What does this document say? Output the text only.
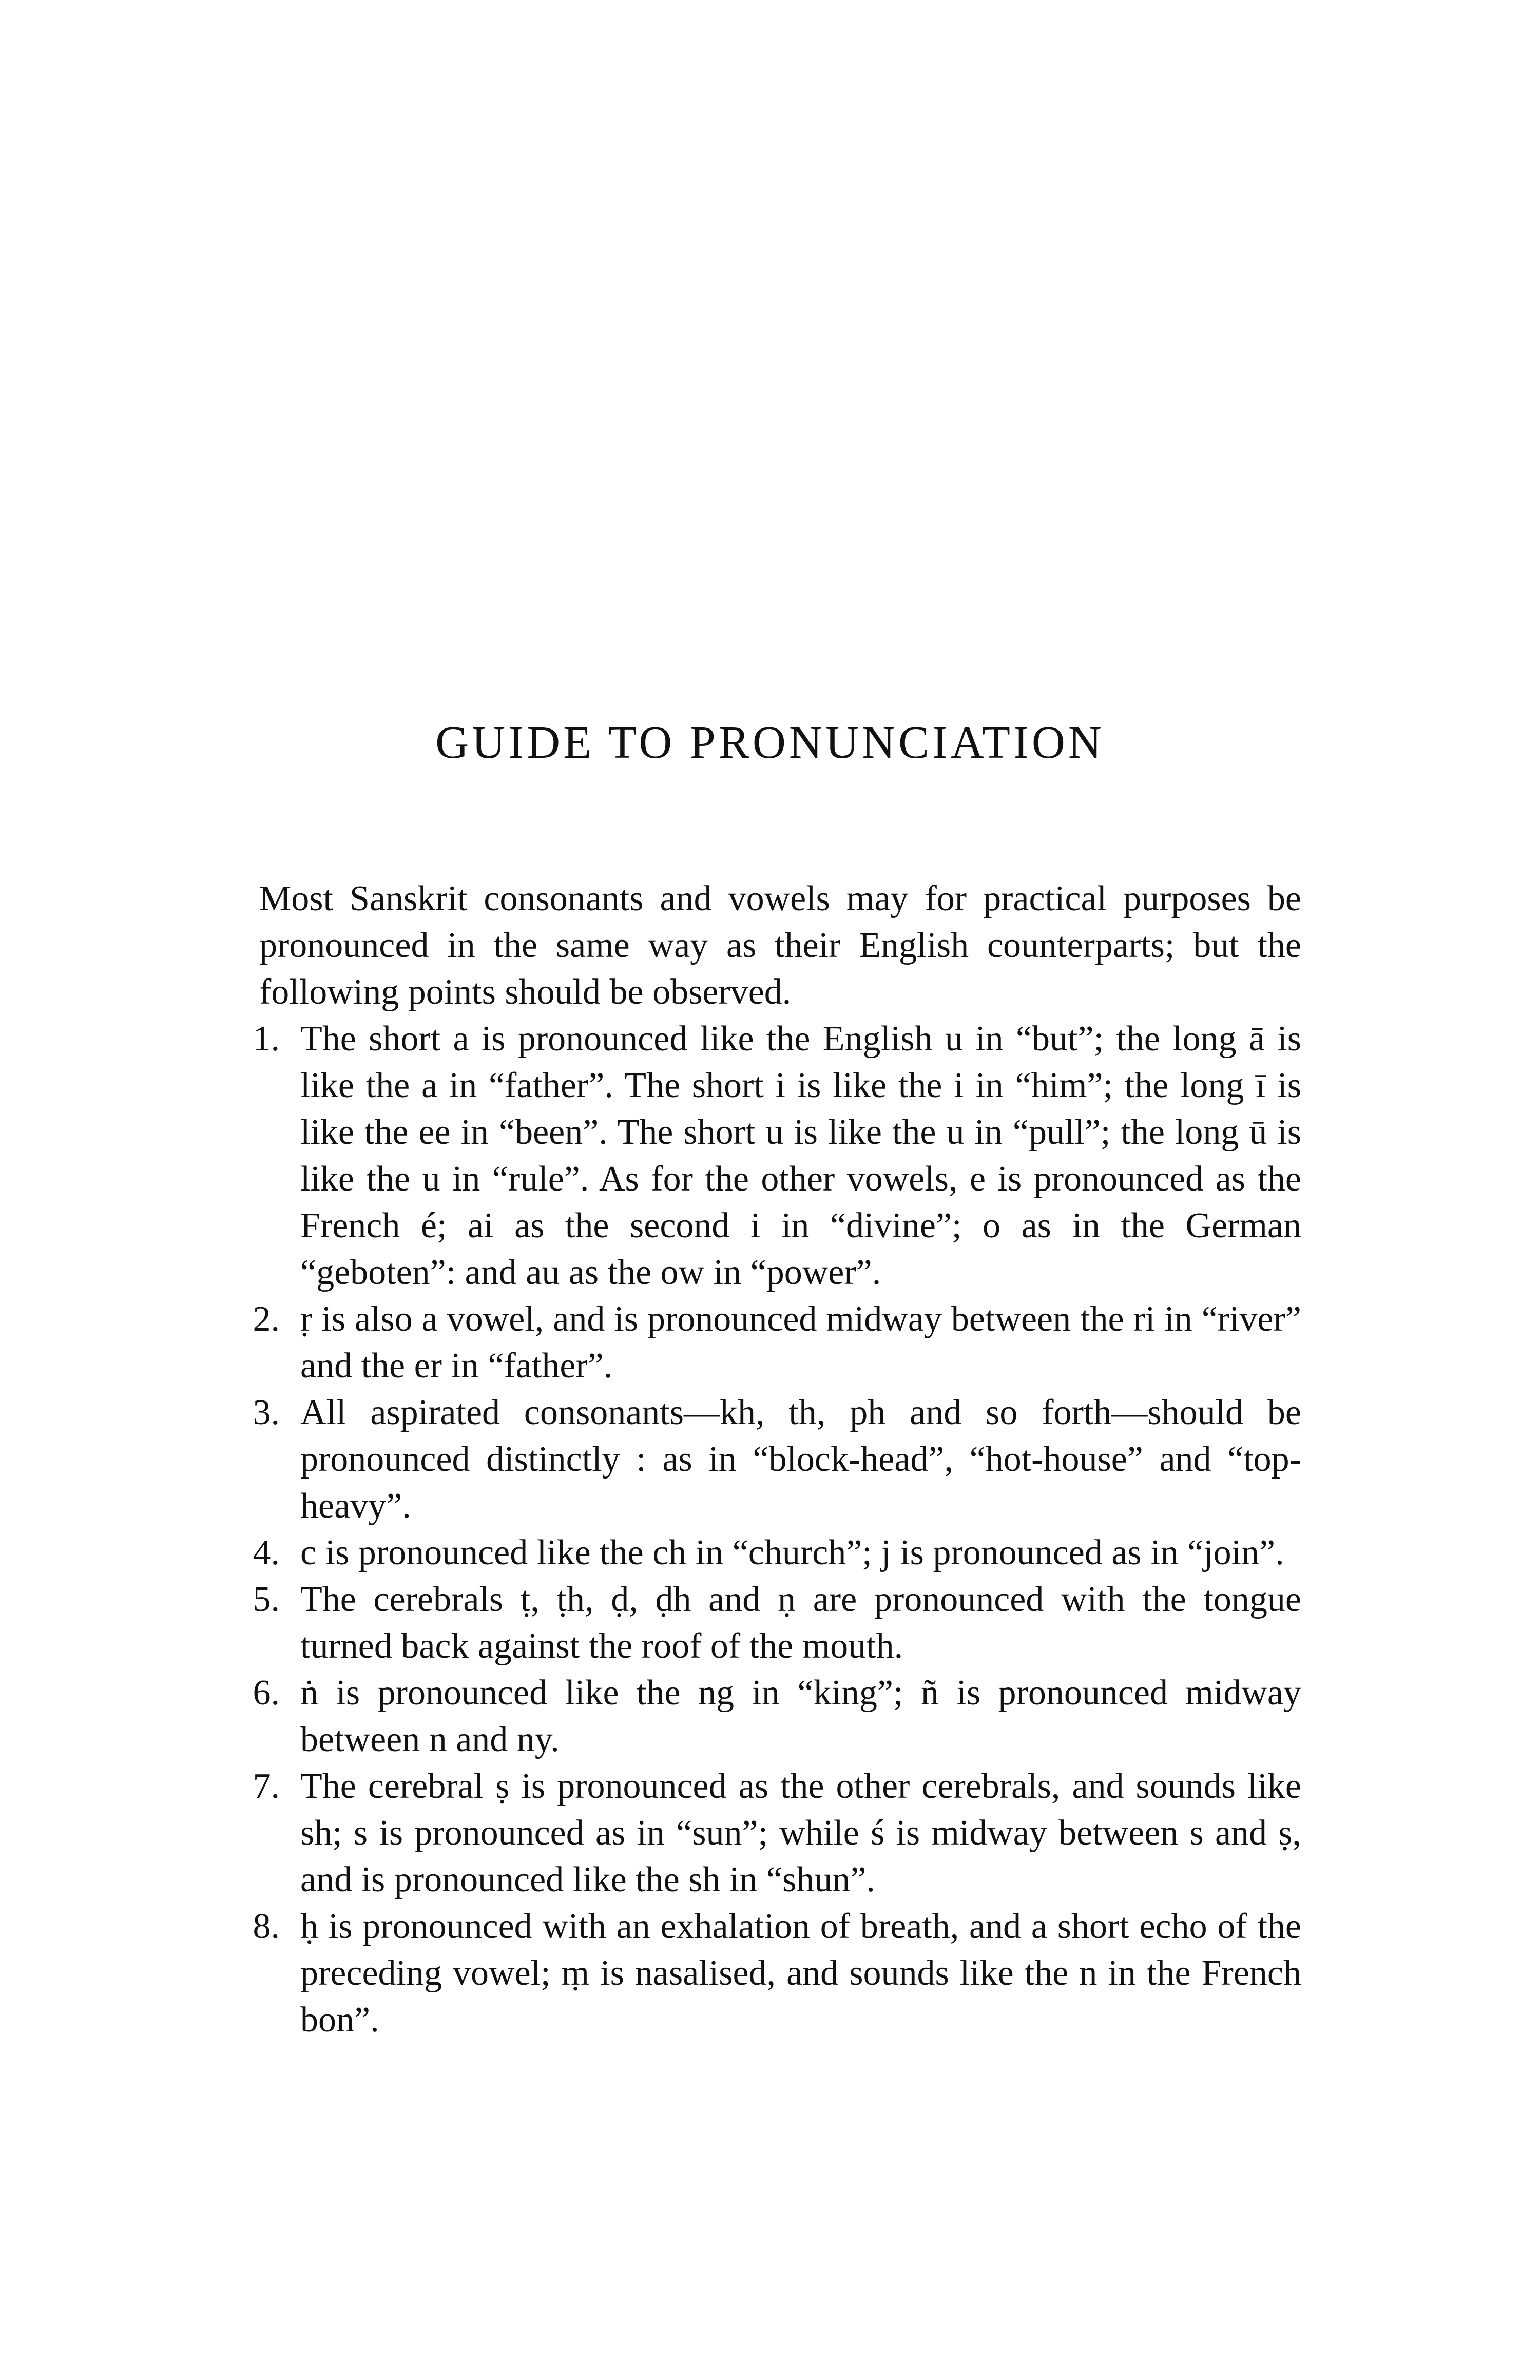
GUIDE TO PRONUNCIATION

Most Sanskrit consonants and vowels may for practical purposes be pronounced in the same way as their English counterparts; but the following points should be observed.

1. The short a is pronounced like the English u in “but”; the long ā is like the a in “father”. The short i is like the i in “him”; the long ī is like the ee in “been”. The short u is like the u in “pull”; the long ū is like the u in “rule”. As for the other vowels, e is pronounced as the French é; ai as the second i in “divine”; o as in the German “geboten”: and au as the ow in “power”.
2. ṛ is also a vowel, and is pronounced midway between the ri in “river” and the er in “father”.
3. All aspirated consonants—kh, th, ph and so forth—should be pronounced distinctly : as in “block-head”, “hot-house” and “top-heavy”.
4. c is pronounced like the ch in “church”; j is pronounced as in “join”.
5. The cerebrals ṭ, ṭh, ḍ, ḍh and ṇ are pronounced with the tongue turned back against the roof of the mouth.
6. ṅ is pronounced like the ng in “king”; ñ is pronounced midway between n and ny.
7. The cerebral ṣ is pronounced as the other cerebrals, and sounds like sh; s is pronounced as in “sun”; while ś is midway between s and ṣ, and is pronounced like the sh in “shun”.
8. ḥ is pronounced with an exhalation of breath, and a short echo of the preceding vowel; ṃ is nasalised, and sounds like the n in the French bon”.
